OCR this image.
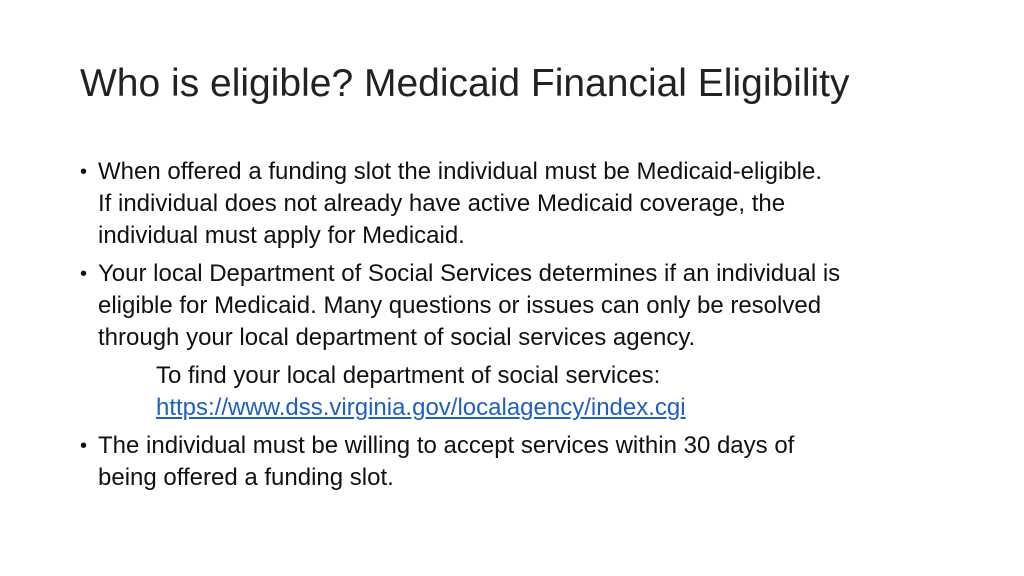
Who is eligible? Medicaid Financial Eligibility
• When offered a funding slot the individual must be Medicaid-eligible.
If individual does not already have active Medicaid coverage, the
individual must apply for Medicaid.
• Your local Department of Social Services determines if an individual is
eligible for Medicaid. Many questions or issues can only be resolved
through your local department of social services agency.
To find your local department of social services:
https://www.dss.virginia.gov/localagency/index.cgi
• The individual must be willing to accept services within 30 days of
being offered a funding slot.
